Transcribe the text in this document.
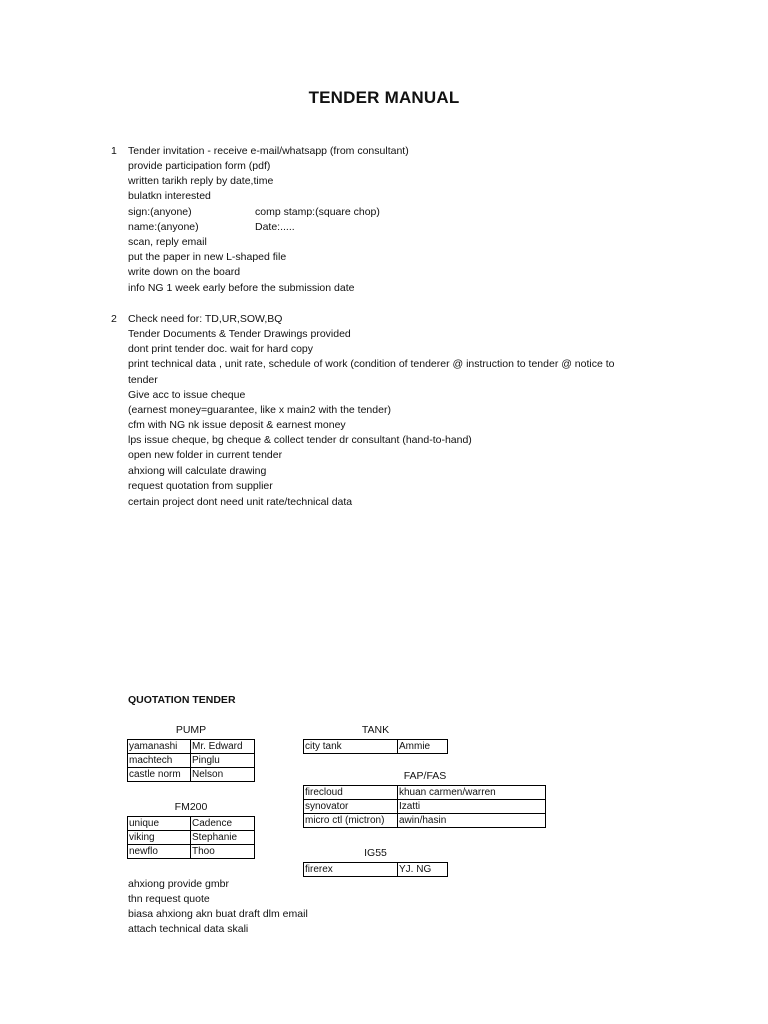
TENDER MANUAL
1 Tender invitation - receive e-mail/whatsapp (from consultant)
provide participation form (pdf)
written tarikh reply by date,time
bulatkn interested
sign:(anyone)	comp stamp:(square chop)
name:(anyone)	Date:.....
scan, reply email
put the paper in new L-shaped file
write down on the board
info NG 1 week early before the submission date
2 Check need for: TD,UR,SOW,BQ
Tender Documents & Tender Drawings provided
dont print tender doc. wait for hard copy
print technical data , unit rate, schedule of work (condition of tenderer @ instruction to tender @ notice to
tender
Give acc to issue cheque
(earnest money=guarantee, like x main2 with the tender)
cfm with NG nk issue deposit & earnest money
lps issue cheque, bg cheque & collect tender dr consultant (hand-to-hand)
open new folder in current tender
ahxiong will calculate drawing
request quotation from supplier
certain project dont need unit rate/technical data
QUOTATION TENDER
PUMP
yamanashi	Mr. Edward
machtech	Pinglu
castle norm	Nelson
FM200
unique	Cadence
viking	Stephanie
newflo	Thoo
TANK
city tank	Ammie
FAP/FAS
firecloud	khuan carmen/warren
synovator	Izatti
micro ctl (mictron)	awin/hasin
IG55
firerex	YJ. NG
ahxiong provide gmbr
thn request quote
biasa ahxiong akn buat draft dlm email
attach technical data skali
